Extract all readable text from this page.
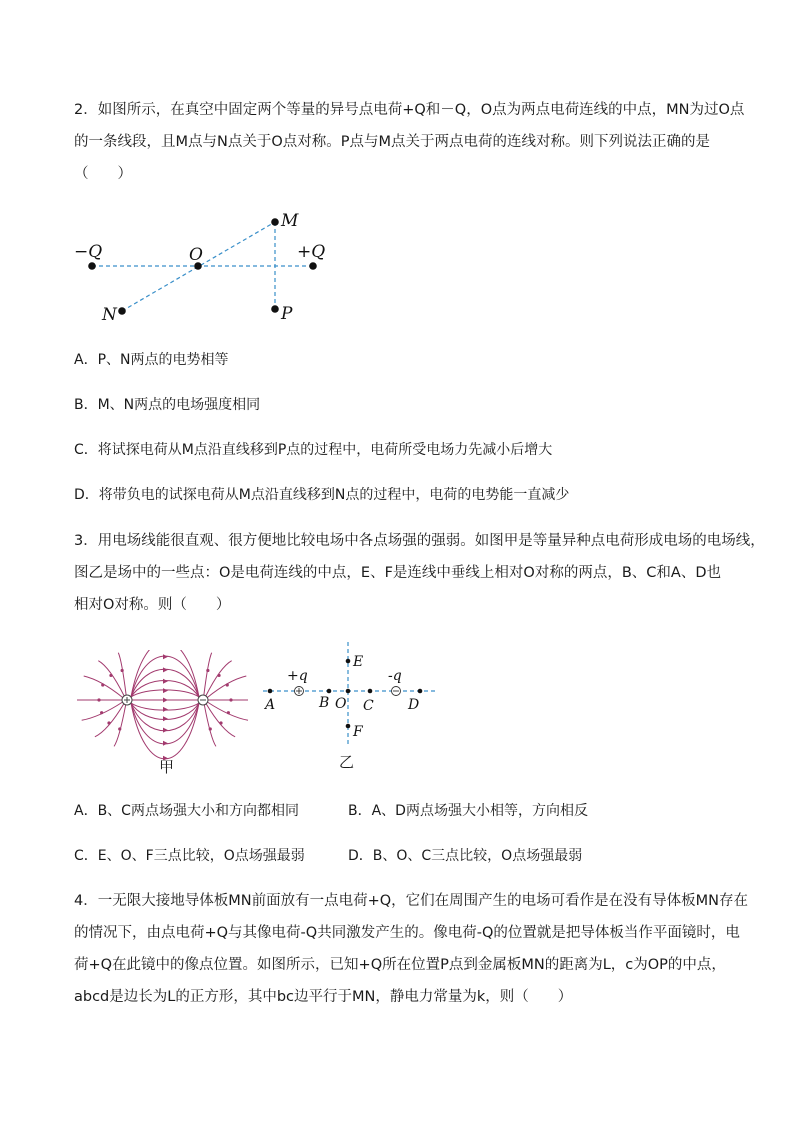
2．如图所示，在真空中固定两个等量的异号点电荷+Q和－Q，O点为两点电荷连线的中点，MN为过O点
的一条线段，且M点与N点关于O点对称。P点与M点关于两点电荷的连线对称。则下列说法正确的是
（　　）
−Q	+Q
O
M
N	P
A．P、N两点的电势相等
B．M、N两点的电场强度相同
C．将试探电荷从M点沿直线移到P点的过程中，电荷所受电场力先减小后增大
D．将带负电的试探电荷从M点沿直线移到N点的过程中，电荷的电势能一直减少
3．用电场线能很直观、很方便地比较电场中各点场强的强弱。如图甲是等量异种点电荷形成电场的电场线，
图乙是场中的一些点：O是电荷连线的中点，E、F是连线中垂线上相对O对称的两点，B、C和A、D也
相对O对称。则（　　）
甲
+q	-q
A	B O C D
E
F
乙
A．B、C两点场强大小和方向都相同	B．A、D两点场强大小相等，方向相反
C．E、O、F三点比较，O点场强最弱	D．B、O、C三点比较，O点场强最弱
4．一无限大接地导体板MN前面放有一点电荷+Q，它们在周围产生的电场可看作是在没有导体板MN存在
的情况下，由点电荷+Q与其像电荷-Q共同激发产生的。像电荷-Q的位置就是把导体板当作平面镜时，电
荷+Q在此镜中的像点位置。如图所示，已知+Q所在位置P点到金属板MN的距离为L，c为OP的中点，
abcd是边长为L的正方形，其中bc边平行于MN，静电力常量为k，则（　　）
